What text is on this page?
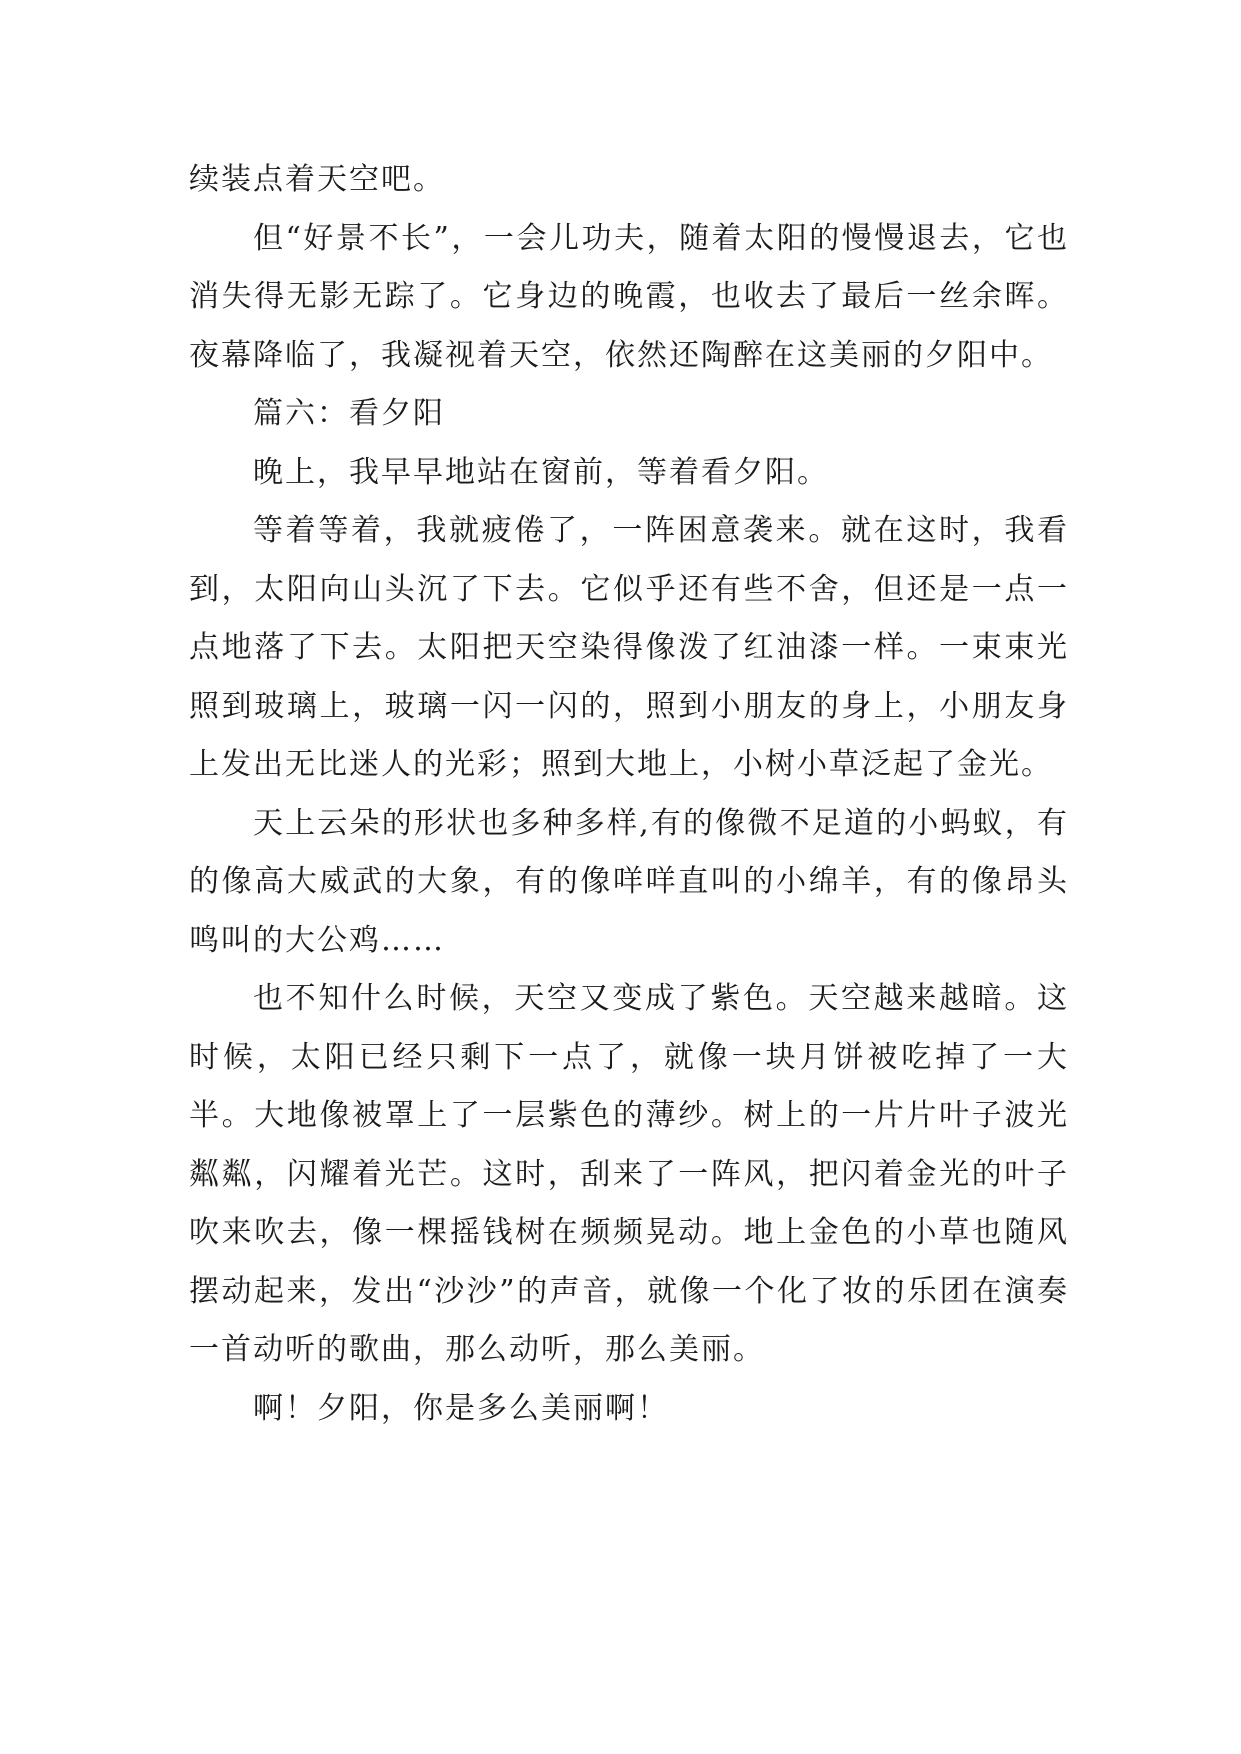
续装点着天空吧。

但“好景不长”，一会儿功夫，随着太阳的慢慢退去，它也消失得无影无踪了。它身边的晚霞，也收去了最后一丝余晖。夜幕降临了，我凝视着天空，依然还陶醉在这美丽的夕阳中。

篇六：看夕阳

晚上，我早早地站在窗前，等着看夕阳。

等着等着，我就疲倦了，一阵困意袭来。就在这时，我看到，太阳向山头沉了下去。它似乎还有些不舍，但还是一点一点地落了下去。太阳把天空染得像泼了红油漆一样。一束束光照到玻璃上，玻璃一闪一闪的，照到小朋友的身上，小朋友身上发出无比迷人的光彩；照到大地上，小树小草泛起了金光。

天上云朵的形状也多种多样,有的像微不足道的小蚂蚁，有的像高大威武的大象，有的像咩咩直叫的小绵羊，有的像昂头鸣叫的大公鸡……

也不知什么时候，天空又变成了紫色。天空越来越暗。这时候，太阳已经只剩下一点了，就像一块月饼被吃掉了一大半。大地像被罩上了一层紫色的薄纱。树上的一片片叶子波光粼粼，闪耀着光芒。这时，刮来了一阵风，把闪着金光的叶子吹来吹去，像一棵摇钱树在频频晃动。地上金色的小草也随风摆动起来，发出“沙沙”的声音，就像一个化了妆的乐团在演奏一首动听的歌曲，那么动听，那么美丽。

啊！夕阳，你是多么美丽啊！
